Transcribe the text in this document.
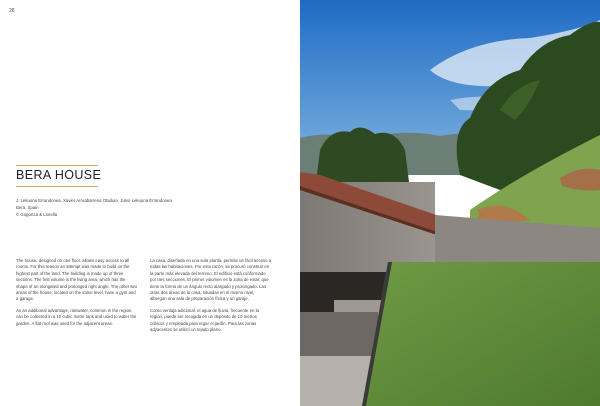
28
BERA HOUSE
J. Lekuona Errandonea, Xavier Arruabarrena Otaduia, Julen Lekuona Errandonea
Bera, Spain
© Gogortza & Llorella

The house, designed on one floor, allows easy access to all rooms. For this reason an attempt was made to build on the highest part of the land. The building is made up of three sections. The first volume is the living area, which has the shape of an elongated and prolonged right angle. The other two areas of the house, located on the same level, have a gym and a garage.

As an additional advantage, rainwater, common in the region, can be collected in a 10 cubic metre tank and used to water the garden. A flat roof was used for the adjacent areas.

La casa, diseñada en una sola planta, permite un fácil acceso a todas las habitaciones. Por esta razón, se procuró construir en la parte más elevada del terreno. El edificio está conformado por tres secciones. El primer volumen es la zona de estar, que tiene la forma de un ángulo recto alargado y prolongado. Las otras dos áreas de la casa, situadas en el mismo nivel, albergan una sala de preparación física y un garaje.

Como ventaja adicional, el agua de lluvia, frecuente en la región, puede ser recogida en un depósito de 10 metros cúbicos y empleada para regar el jardín. Para las zonas adyacentes se utilizó un tejado plano.
